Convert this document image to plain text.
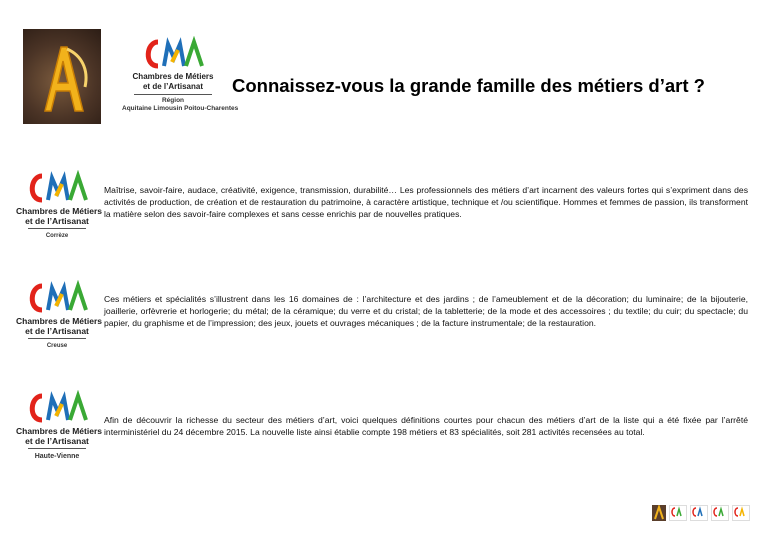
Chambres de Métiers
et de l’Artisanat
Région
Aquitaine Limousin Poitou-Charentes
Connaissez-vous la grande famille des métiers d’art ?
Chambres de Métiers
et de l’Artisanat
Corrèze

Maîtrise, savoir-faire, audace, créativité, exigence, transmission, durabilité… Les professionnels des métiers d’art incarnent des valeurs fortes qui s’expriment dans des activités de production, de création et de restauration du patrimoine, à caractère artistique, technique et /ou scientifique. Hommes et femmes de passion, ils transforment la matière selon des savoir-faire complexes et sans cesse enrichis par de nouvelles pratiques.

Chambres de Métiers
et de l’Artisanat
Creuse

Ces métiers et spécialités s’illustrent dans les 16 domaines de : l’architecture et des jardins ; de l’ameublement et de la décoration; du luminaire; de la bijouterie, joaillerie, orfèvrerie et horlogerie; du métal; de la céramique; du verre et du cristal; de la tabletterie; de la mode et des accessoires ; du textile; du cuir; du spectacle; du papier, du graphisme et de l’impression; des jeux, jouets et ouvrages mécaniques ; de la facture instrumentale; de la restauration.

Chambres de Métiers
et de l’Artisanat
Haute-Vienne

Afin de découvrir la richesse du secteur des métiers d’art, voici quelques définitions courtes pour chacun des métiers d’art de la liste qui a été fixée par l’arrêté interministériel du 24 décembre 2015. La nouvelle liste ainsi établie compte 198 métiers et 83 spécialités, soit 281 activités recensées au total.
